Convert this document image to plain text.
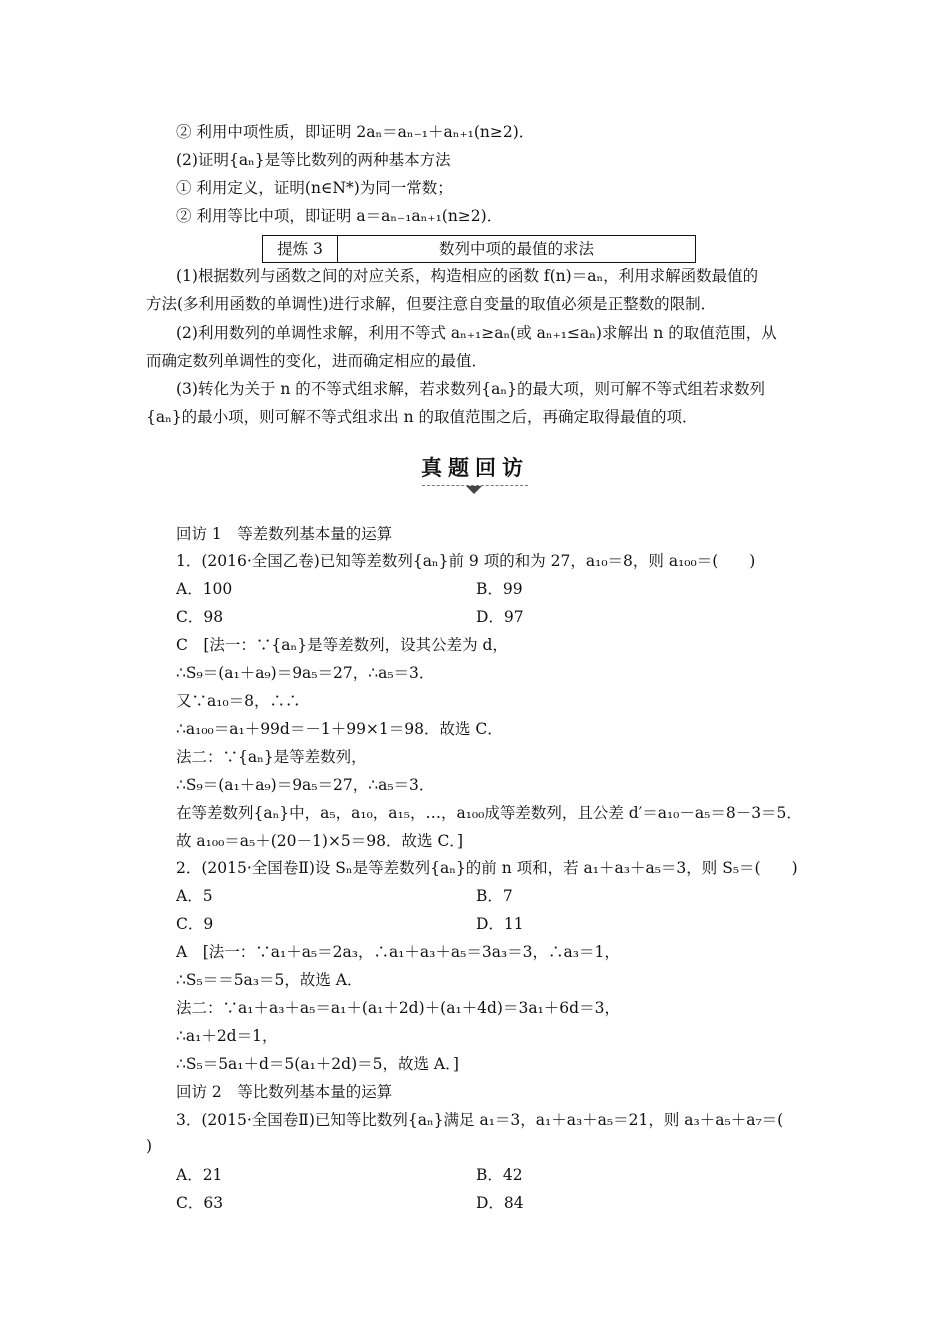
② 利用中项性质，即证明 2aₙ＝aₙ₋₁＋aₙ₊₁(n≥2)．
(2)证明{aₙ}是等比数列的两种基本方法
① 利用定义，证明(n∈N*)为同一常数；
② 利用等比中项，即证明 a＝aₙ₋₁aₙ₊₁(n≥2)．
提炼 3	数列中项的最值的求法
(1)根据数列与函数之间的对应关系，构造相应的函数 f(n)＝aₙ，利用求解函数最值的
方法(多利用函数的单调性)进行求解，但要注意自变量的取值必须是正整数的限制．
(2)利用数列的单调性求解，利用不等式 aₙ₊₁≥aₙ(或 aₙ₊₁≤aₙ)求解出 n 的取值范围，从
而确定数列单调性的变化，进而确定相应的最值．
(3)转化为关于 n 的不等式组求解，若求数列{aₙ}的最大项，则可解不等式组若求数列
{aₙ}的最小项，则可解不等式组求出 n 的取值范围之后，再确定取得最值的项．
真题回访
回访 1　等差数列基本量的运算
1．(2016·全国乙卷)已知等差数列{aₙ}前 9 项的和为 27，a₁₀＝8，则 a₁₀₀＝(　　)
A．100	B．99
C．98	D．97
C　[法一：∵{aₙ}是等差数列，设其公差为 d，
∴S₉＝(a₁＋a₉)＝9a₅＝27，∴a₅＝3．
又∵a₁₀＝8，∴∴
∴a₁₀₀＝a₁＋99d＝－1＋99×1＝98．故选 C．
法二：∵{aₙ}是等差数列，
∴S₉＝(a₁＋a₉)＝9a₅＝27，∴a₅＝3．
在等差数列{aₙ}中，a₅，a₁₀，a₁₅，…，a₁₀₀成等差数列，且公差 d′＝a₁₀－a₅＝8－3＝5．
故 a₁₀₀＝a₅＋(20－1)×5＝98．故选 C．]
2．(2015·全国卷Ⅱ)设 Sₙ是等差数列{aₙ}的前 n 项和，若 a₁＋a₃＋a₅＝3，则 S₅＝(　　)
A．5	B．7
C．9	D．11
A　[法一：∵a₁＋a₅＝2a₃，∴a₁＋a₃＋a₅＝3a₃＝3，∴a₃＝1，
∴S₅＝＝5a₃＝5，故选 A．
法二：∵a₁＋a₃＋a₅＝a₁＋(a₁＋2d)＋(a₁＋4d)＝3a₁＋6d＝3，
∴a₁＋2d＝1，
∴S₅＝5a₁＋d＝5(a₁＋2d)＝5，故选 A．]
回访 2　等比数列基本量的运算
3．(2015·全国卷Ⅱ)已知等比数列{aₙ}满足 a₁＝3，a₁＋a₃＋a₅＝21，则 a₃＋a₅＋a₇＝(
)
A．21	B．42
C．63	D．84
